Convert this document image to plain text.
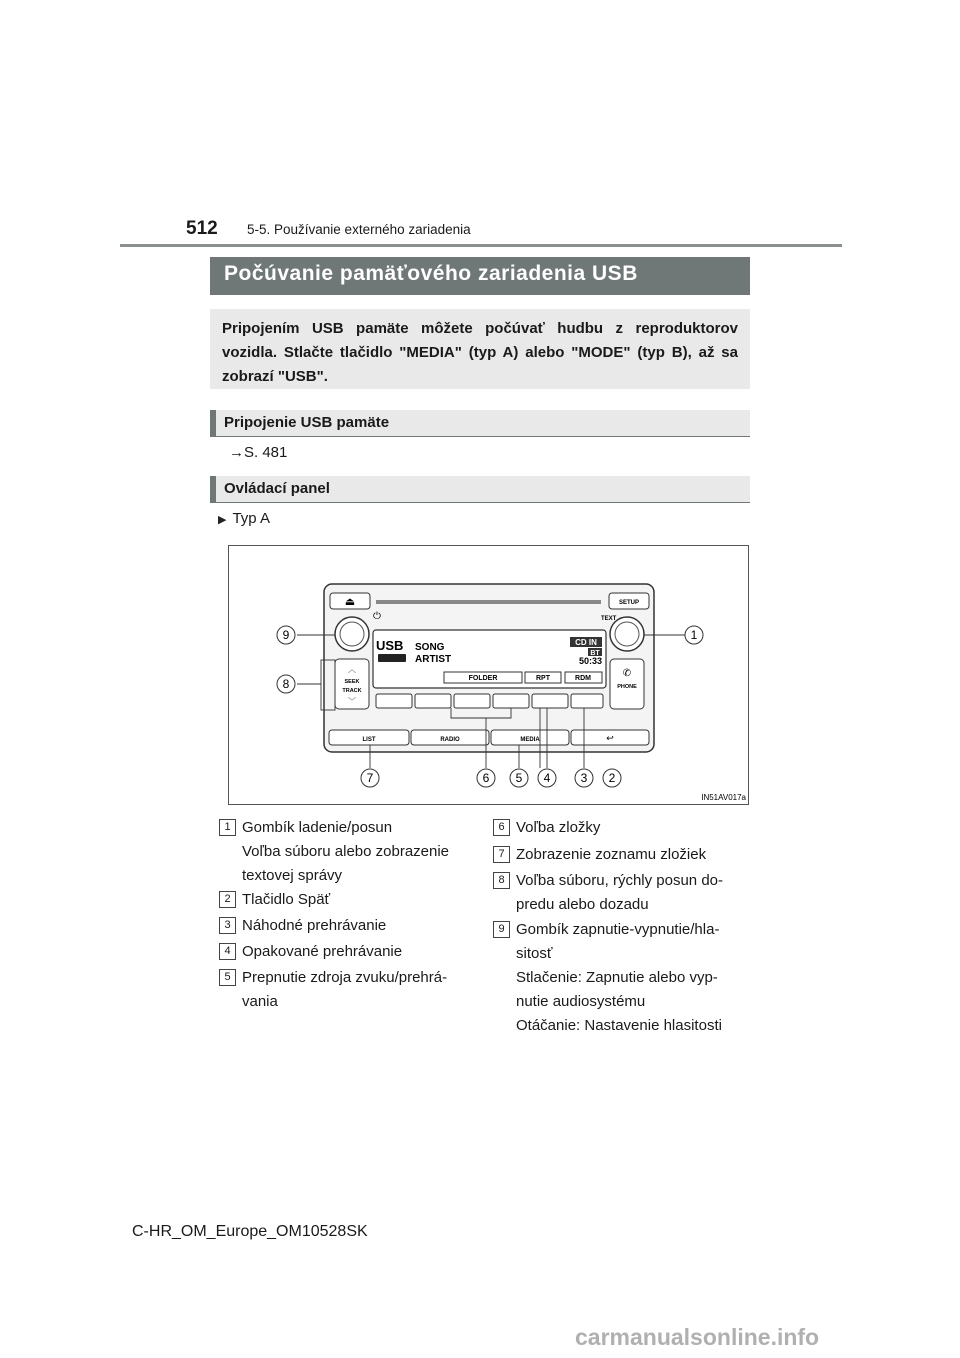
512 5-5. Používanie externého zariadenia
Počúvanie pamäťového zariadenia USB

Pripojením USB pamäte môžete počúvať hudbu z reproduktorov vozidla. Stlačte tlačidlo "MEDIA" (typ A) alebo "MODE" (typ B), až sa zobrazí "USB".

Pripojenie USB pamäte
→S. 481
Ovládací panel
▶ Typ A
⏏	SETUP
⏻	TEXT
USB SONG
ARTIST
CD IN
BT
50:33
FOLDER	RPT	RDM
︿
SEEK
TRACK
﹀
✆
PHONE
LIST	RADIO	MEDIA	↩
1
2
3
4
5
6
7
8
9
IN51AV017a
1 Gombík ladenie/posun
Voľba súboru alebo zobrazenie
textovej správy
2 Tlačidlo Späť
3 Náhodné prehrávanie
4 Opakované prehrávanie
5 Prepnutie zdroja zvuku/prehrá-
vania
6 Voľba zložky
7 Zobrazenie zoznamu zložiek
8 Voľba súboru, rýchly posun do-
predu alebo dozadu
9 Gombík zapnutie-vypnutie/hla-
sitosť
Stlačenie: Zapnutie alebo vyp-
nutie audiosystému
Otáčanie: Nastavenie hlasitosti
C-HR_OM_Europe_OM10528SK
carmanualsonline.info
